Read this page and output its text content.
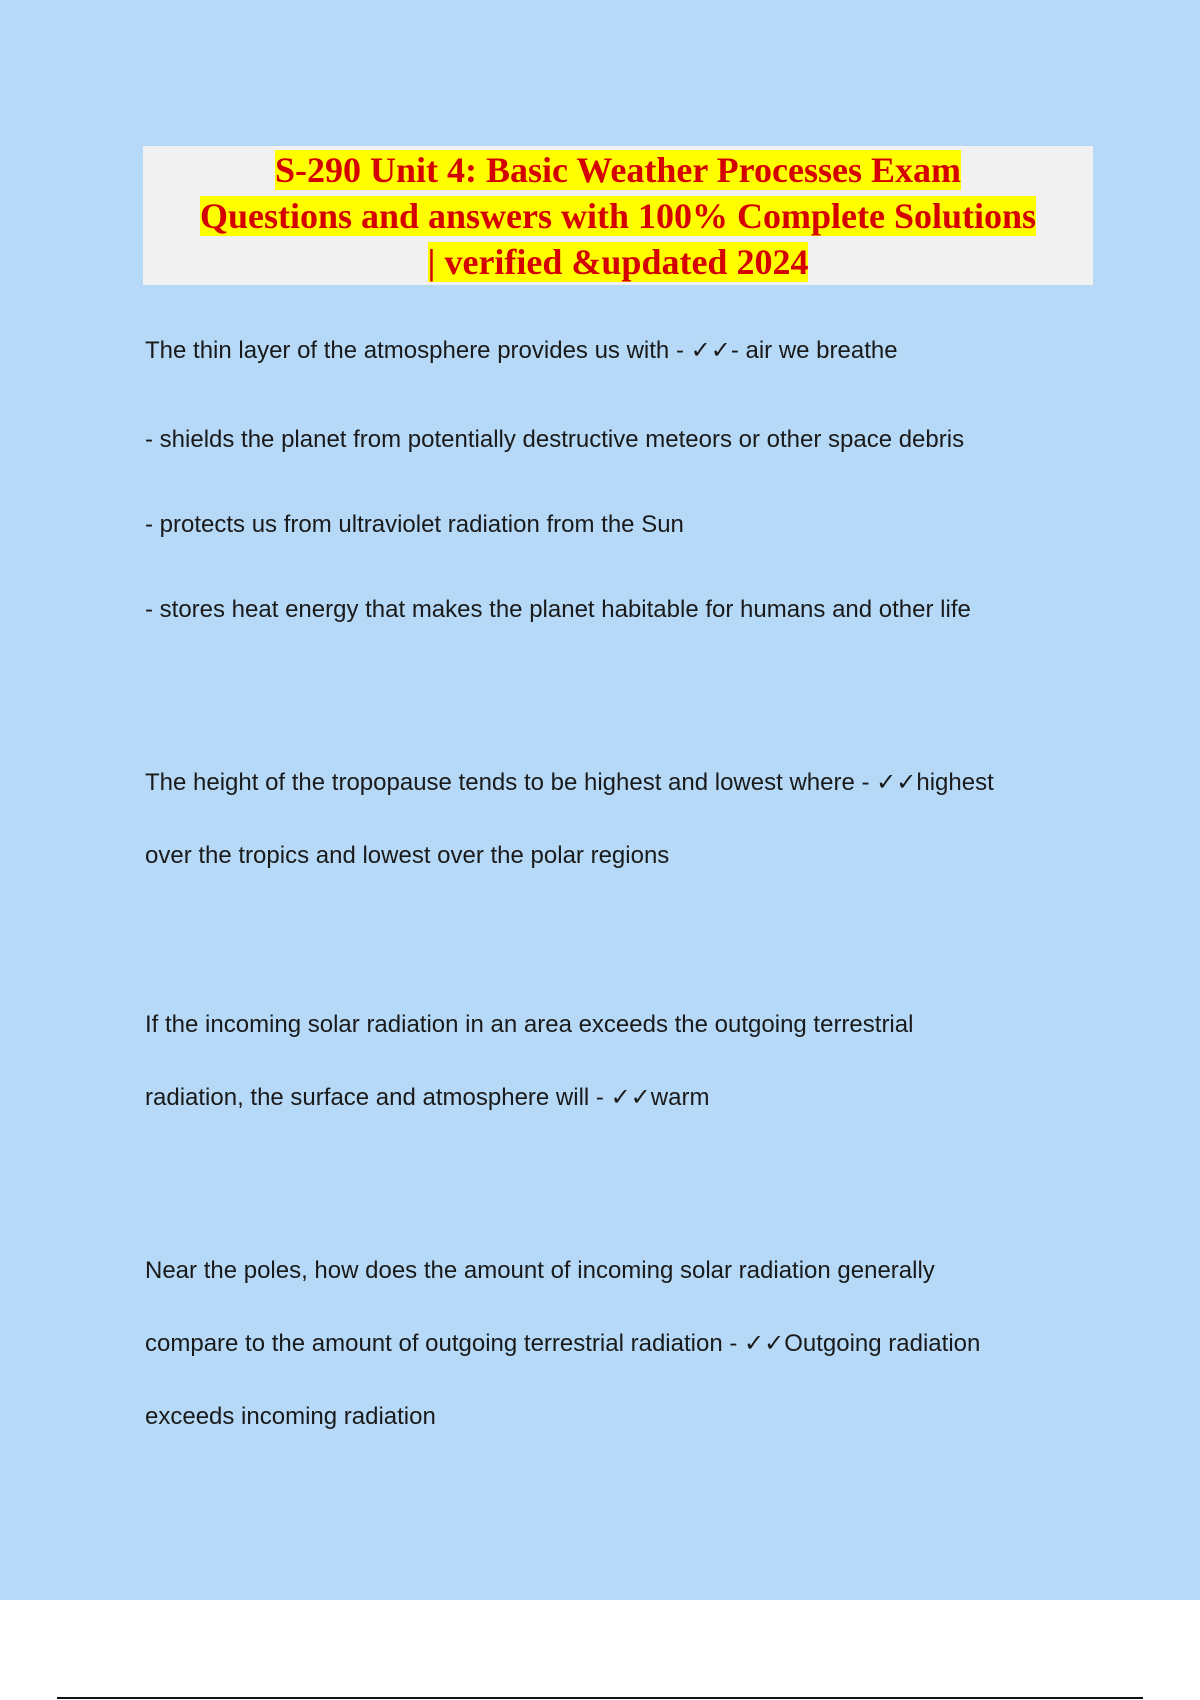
S-290 Unit 4: Basic Weather Processes Exam
Questions and answers with 100% Complete Solutions
| verified &updated 2024
The thin layer of the atmosphere provides us with - ✓✓- air we breathe
- shields the planet from potentially destructive meteors or other space debris
- protects us from ultraviolet radiation from the Sun
- stores heat energy that makes the planet habitable for humans and other life
The height of the tropopause tends to be highest and lowest where - ✓✓highest
over the tropics and lowest over the polar regions
If the incoming solar radiation in an area exceeds the outgoing terrestrial
radiation, the surface and atmosphere will - ✓✓warm
Near the poles, how does the amount of incoming solar radiation generally
compare to the amount of outgoing terrestrial radiation - ✓✓Outgoing radiation
exceeds incoming radiation
